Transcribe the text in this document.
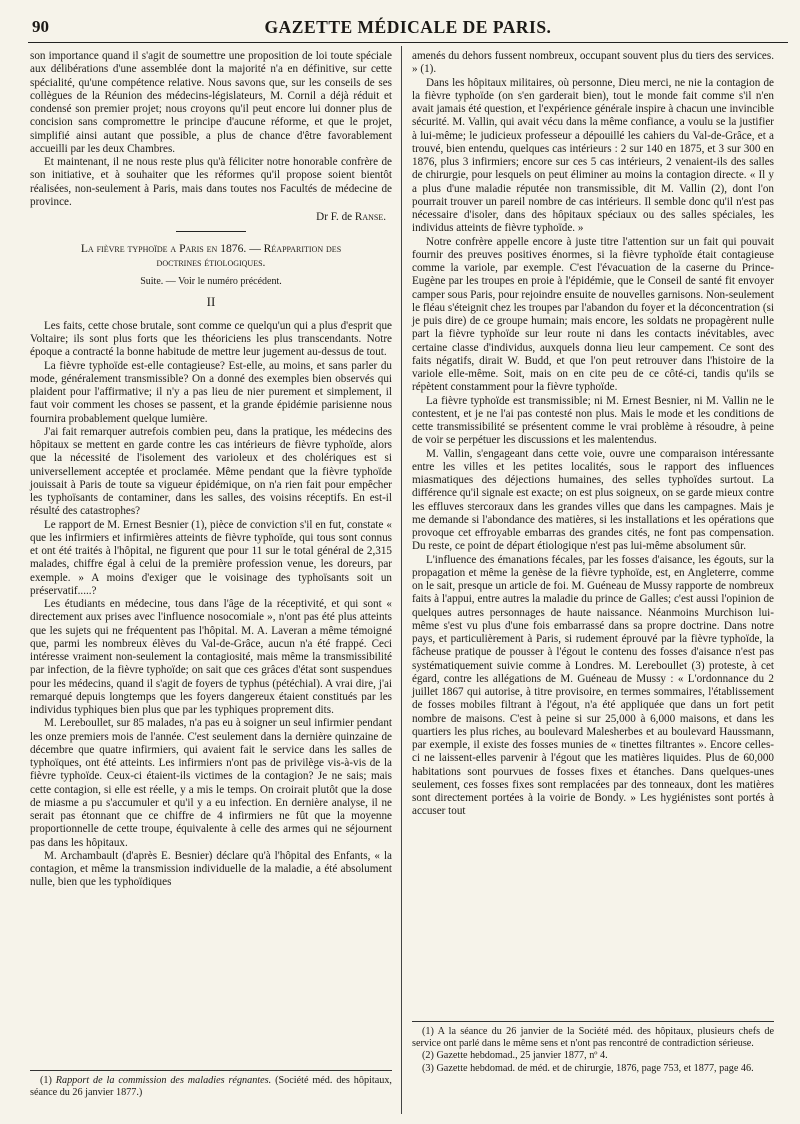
90	GAZETTE MÉDICALE DE PARIS.

son importance quand il s'agit de soumettre une proposition de loi toute spéciale aux délibérations d'une assemblée dont la majorité n'a en définitive, sur cette spécialité, qu'une compétence relative. Nous savons que, sur les conseils de ses collègues de la Réunion des médecins-législateurs, M. Cornil a déjà réduit et condensé son premier projet; nous croyons qu'il peut encore lui donner plus de concision sans compromettre le principe d'aucune réforme, et que le projet, simplifié ainsi autant que possible, a plus de chance d'être favorablement accueilli par les deux Chambres.

Et maintenant, il ne nous reste plus qu'à féliciter notre honorable confrère de son initiative, et à souhaiter que les réformes qu'il propose soient bientôt réalisées, non-seulement à Paris, mais dans toutes nos Facultés de médecine de province.

Dr F. de Ranse.

La fièvre typhoïde a Paris en 1876. — Réapparition des
doctrines étiologiques.

Suite. — Voir le numéro précédent.

II

Les faits, cette chose brutale, sont comme ce quelqu'un qui a plus d'esprit que Voltaire; ils sont plus forts que les théoriciens les plus transcendants. Notre époque a contracté la bonne habitude de mettre leur jugement au-dessus de tout.

La fièvre typhoïde est-elle contagieuse? Est-elle, au moins, et sans parler du mode, généralement transmissible? On a donné des exemples bien observés qui plaident pour l'affirmative; il n'y a pas lieu de nier purement et simplement, il faut voir comment les choses se passent, et la grande épidémie parisienne nous fournira probablement quelque lumière.

J'ai fait remarquer autrefois combien peu, dans la pratique, les médecins des hôpitaux se mettent en garde contre les cas intérieurs de fièvre typhoïde, alors que la nécessité de l'isolement des varioleux et des cholériques est si universellement acceptée et proclamée. Même pendant que la fièvre typhoïde jouissait à Paris de toute sa vigueur épidémique, on n'a rien fait pour empêcher les typhoïsants de contaminer, dans les salles, des voisins réceptifs. En est-il résulté des catastrophes?

Le rapport de M. Ernest Besnier (1), pièce de conviction s'il en fut, constate « que les infirmiers et infirmières atteints de fièvre typhoïde, qui tous sont connus et ont été traités à l'hôpital, ne figurent que pour 11 sur le total général de 2,315 malades, chiffre égal à celui de la première profession venue, les doreurs, par exemple. » A moins d'exiger que le voisinage des typhoïsants soit un préservatif.....?

Les étudiants en médecine, tous dans l'âge de la réceptivité, et qui sont « directement aux prises avec l'influence nosocomiale », n'ont pas été plus atteints que les sujets qui ne fréquentent pas l'hôpital. M. A. Laveran a même témoigné que, parmi les nombreux élèves du Val-de-Grâce, aucun n'a été frappé. Ceci intéresse vraiment non-seulement la contagiosité, mais même la transmissibilité par infection, de la fièvre typhoïde; on sait que ces grâces d'état sont suspendues pour les médecins, quand il s'agit de foyers de typhus (pétéchial). A vrai dire, j'ai remarqué depuis longtemps que les foyers dangereux étaient constitués par les individus typhiques bien plus que par les typhiques proprement dits.

M. Lereboullet, sur 85 malades, n'a pas eu à soigner un seul infirmier pendant les onze premiers mois de l'année. C'est seulement dans la dernière quinzaine de décembre que quatre infirmiers, qui avaient fait le service dans les salles de typhoïques, ont été atteints. Les infirmiers n'ont pas de privilège vis-à-vis de la fièvre typhoïde. Ceux-ci étaient-ils victimes de la contagion? Je ne sais; mais cette contagion, si elle est réelle, y a mis le temps. On croirait plutôt que la dose de miasme a pu s'accumuler et qu'il y a eu infection. En dernière analyse, il ne serait pas étonnant que ce chiffre de 4 infirmiers ne fût que la moyenne proportionnelle de cette troupe, équivalente à celle des armes qui ne séjournent pas dans les hôpitaux.

M. Archambault (d'après E. Besnier) déclare qu'à l'hôpital des Enfants, « la contagion, et même la transmission individuelle de la maladie, a été absolument nulle, bien que les typhoïdiques

(1) Rapport de la commission des maladies régnantes. (Société méd. des hôpitaux, séance du 26 janvier 1877.)

amenés du dehors fussent nombreux, occupant souvent plus du tiers des services. » (1).

Dans les hôpitaux militaires, où personne, Dieu merci, ne nie la contagion de la fièvre typhoïde (on s'en garderait bien), tout le monde fait comme s'il n'en avait jamais été question, et l'expérience générale inspire à chacun une invincible sécurité. M. Vallin, qui avait vécu dans la même confiance, a voulu se la justifier à lui-même; le judicieux professeur a dépouillé les cahiers du Val-de-Grâce, et a trouvé, bien entendu, quelques cas intérieurs : 2 sur 140 en 1875, et 3 sur 300 en 1876, plus 3 infirmiers; encore sur ces 5 cas intérieurs, 2 venaient-ils des salles de chirurgie, pour lesquels on peut éliminer au moins la contagion directe. « Il y a plus d'une maladie réputée non transmissible, dit M. Vallin (2), dont l'on pourrait trouver un pareil nombre de cas intérieurs. Il semble donc qu'il n'est pas nécessaire d'isoler, dans des hôpitaux spéciaux ou des salles spéciales, les individus atteints de fièvre typhoïde. »

Notre confrère appelle encore à juste titre l'attention sur un fait qui pouvait fournir des preuves positives énormes, si la fièvre typhoïde était contagieuse comme la variole, par exemple. C'est l'évacuation de la caserne du Prince-Eugène par les troupes en proie à l'épidémie, que le Conseil de santé fit envoyer camper sous Paris, pour rejoindre ensuite de nouvelles garnisons. Non-seulement le fléau s'éteignit chez les troupes par l'abandon du foyer et la déconcentration (si je puis dire) de ce groupe humain; mais encore, les soldats ne propagèrent nulle part la fièvre typhoïde sur leur route ni dans les contacts inévitables, avec certaine classe d'individus, auxquels donna lieu leur campement. Ce sont des faits négatifs, dirait W. Budd, et que l'on peut retrouver dans l'histoire de la variole elle-même. Soit, mais on en cite peu de ce côté-ci, tandis qu'ils se répètent constamment pour la fièvre typhoïde.

La fièvre typhoïde est transmissible; ni M. Ernest Besnier, ni M. Vallin ne le contestent, et je ne l'ai pas contesté non plus. Mais le mode et les conditions de cette transmissibilité se présentent comme le vrai problème à résoudre, à peine de voir se perpétuer les discussions et les malentendus.

M. Vallin, s'engageant dans cette voie, ouvre une comparaison intéressante entre les villes et les petites localités, sous le rapport des influences miasmatiques des déjections humaines, des selles typhoïdes surtout. La différence qu'il signale est exacte; on est plus soigneux, on se garde mieux contre les effluves stercoraux dans les grandes villes que dans les campagnes. Mais je me demande si l'abondance des matières, si les installations et les opérations que provoque cet effroyable embarras des grandes cités, ne font pas compensation. Du reste, ce point de départ étiologique n'est pas lui-même absolument sûr.

L'influence des émanations fécales, par les fosses d'aisance, les égouts, sur la propagation et même la genèse de la fièvre typhoïde, est, en Angleterre, comme on le sait, presque un article de foi. M. Guéneau de Mussy rapporte de nombreux faits à l'appui, entre autres la maladie du prince de Galles; c'est aussi l'opinion de quelques autres personnages de haute naissance. Néanmoins Murchison lui-même s'est vu plus d'une fois embarrassé dans sa propre doctrine. Dans notre pays, et particulièrement à Paris, si rudement éprouvé par la fièvre typhoïde, la fâcheuse pratique de pousser à l'égout le contenu des fosses d'aisance n'est pas systématiquement suivie comme à Londres. M. Lereboullet (3) proteste, à cet égard, contre les allégations de M. Guéneau de Mussy : « L'ordonnance du 2 juillet 1867 qui autorise, à titre provisoire, en termes sommaires, l'établissement de fosses mobiles filtrant à l'égout, n'a été appliquée que dans un fort petit nombre de maisons. C'est à peine si sur 25,000 à 6,000 maisons, et dans les quartiers les plus riches, au boulevard Malesherbes et au boulevard Haussmann, par exemple, il existe des fosses munies de « tinettes filtrantes ». Encore celles-ci ne laissent-elles parvenir à l'égout que les matières liquides. Plus de 60,000 habitations sont pourvues de fosses fixes et étanches. Dans quelques-unes seulement, ces fosses fixes sont remplacées par des tonneaux, dont les matières sont directement portées à la voirie de Bondy. » Les hygiénistes sont portés à accuser tout

(1) A la séance du 26 janvier de la Société méd. des hôpitaux, plusieurs chefs de service ont parlé dans le même sens et n'ont pas rencontré de contradiction sérieuse.

(2) Gazette hebdomad., 25 janvier 1877, nº 4.

(3) Gazette hebdomad. de méd. et de chirurgie, 1876, page 753, et 1877, page 46.
